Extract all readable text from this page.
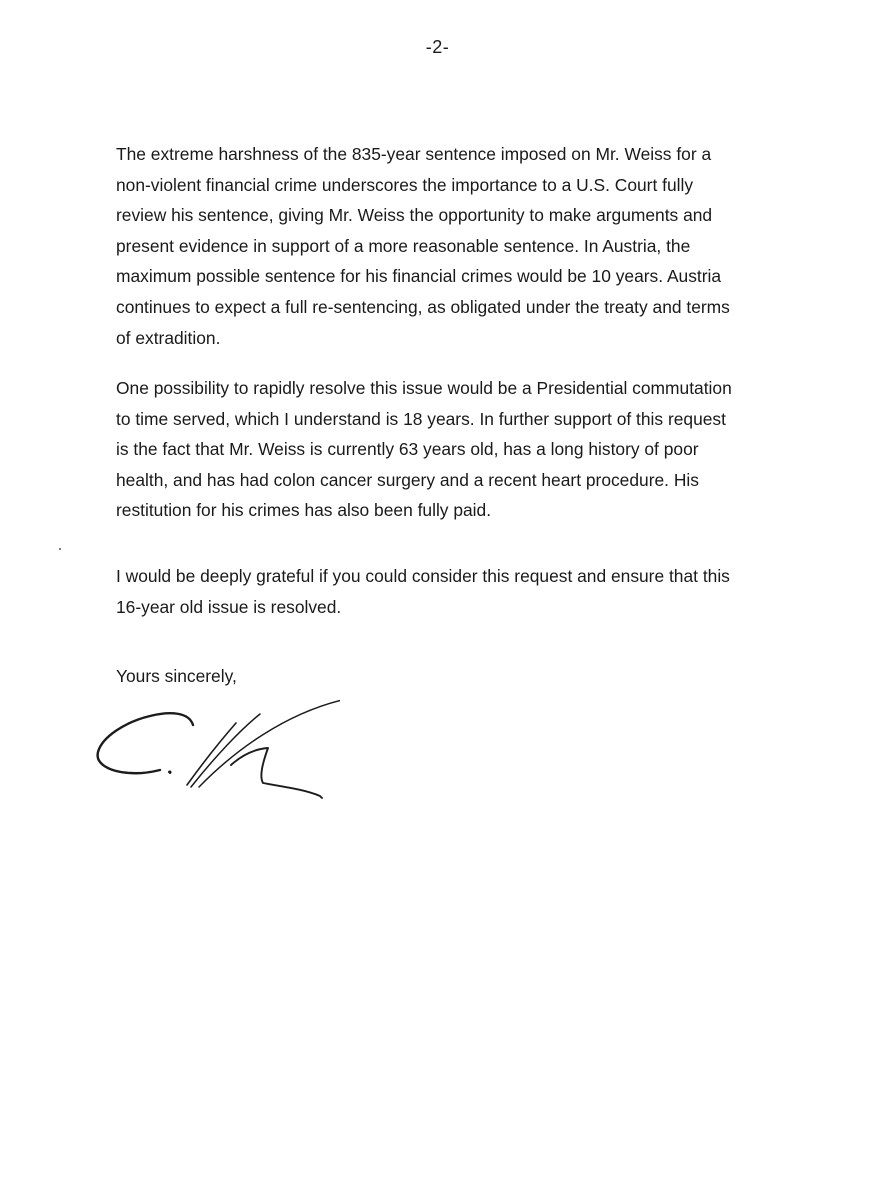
-2-
The extreme harshness of the 835-year sentence imposed on Mr. Weiss for a
non-violent financial crime underscores the importance to a U.S. Court fully
review his sentence, giving Mr. Weiss the opportunity to make arguments and
present evidence in support of a more reasonable sentence. In Austria, the
maximum possible sentence for his financial crimes would be 10 years. Austria
continues to expect a full re-sentencing, as obligated under the treaty and terms
of extradition.
One possibility to rapidly resolve this issue would be a Presidential commutation
to time served, which I understand is 18 years. In further support of this request
is the fact that Mr. Weiss is currently 63 years old, has a long history of poor
health, and has had colon cancer surgery and a recent heart procedure. His
restitution for his crimes has also been fully paid.
I would be deeply grateful if you could consider this request and ensure that this
16-year old issue is resolved.
Yours sincerely,
